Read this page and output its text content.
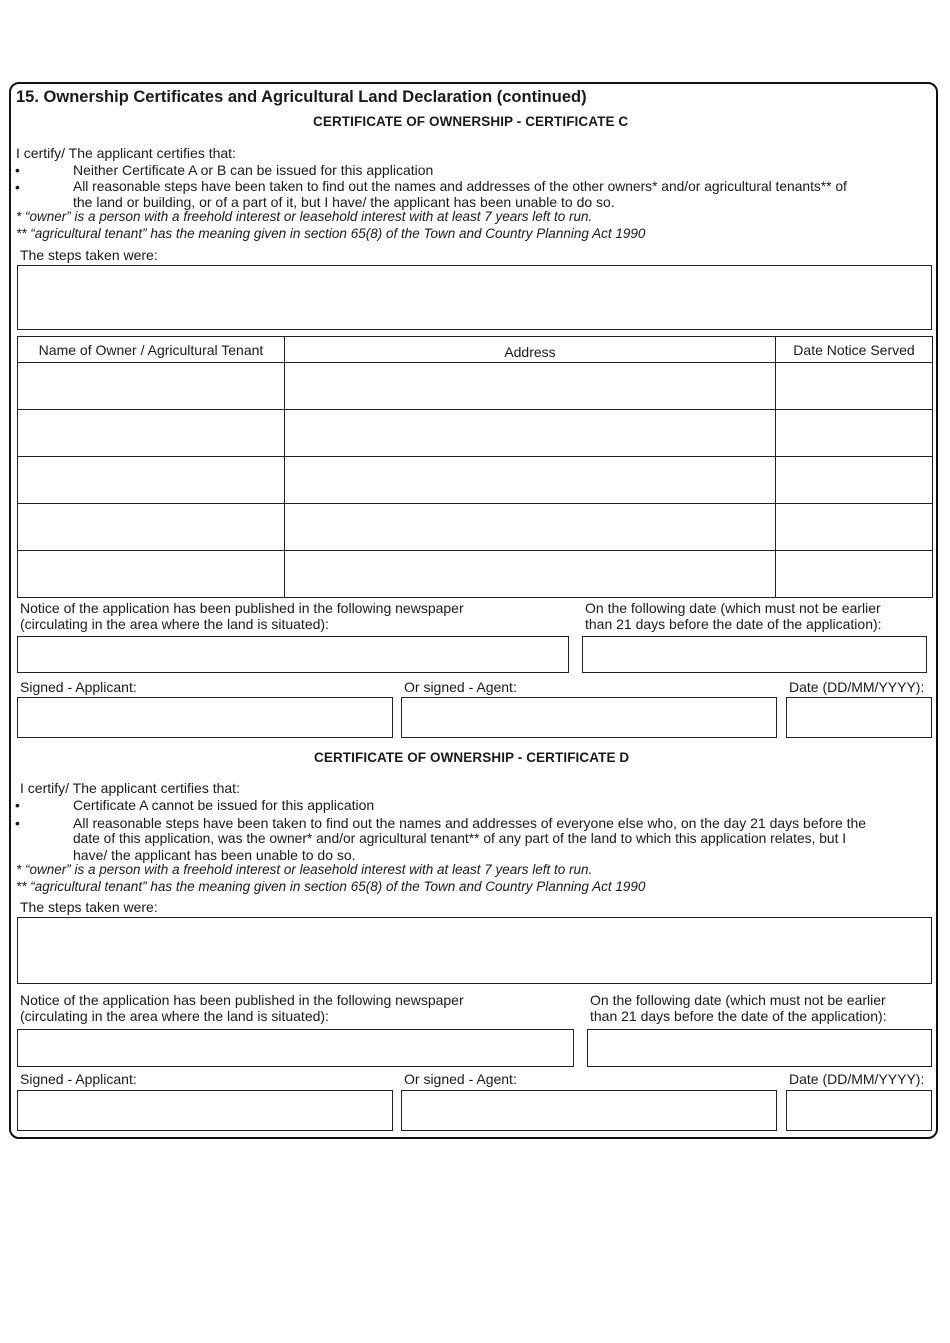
15. Ownership Certificates and Agricultural Land Declaration (continued)
CERTIFICATE OF OWNERSHIP - CERTIFICATE C
I certify/ The applicant certifies that:
•	Neither Certificate A or B can be issued for this application
•	All reasonable steps have been taken to find out the names and addresses of the other owners* and/or agricultural tenants** of
the land or building, or of a part of it, but I have/ the applicant has been unable to do so.
* “owner” is a person with a freehold interest or leasehold interest with at least 7 years left to run.
** “agricultural tenant” has the meaning given in section 65(8) of the Town and Country Planning Act 1990
The steps taken were:
Name of Owner / Agricultural Tenant	Address	Date Notice Served

Notice of the application has been published in the following newspaper
(circulating in the area where the land is situated):
On the following date (which must not be earlier
than 21 days before the date of the application):
Signed - Applicant:	Or signed - Agent:	Date (DD/MM/YYYY):
CERTIFICATE OF OWNERSHIP - CERTIFICATE D
I certify/ The applicant certifies that:
•	Certificate A cannot be issued for this application
•	All reasonable steps have been taken to find out the names and addresses of everyone else who, on the day 21 days before the
date of this application, was the owner* and/or agricultural tenant** of any part of the land to which this application relates, but I
have/ the applicant has been unable to do so.
* “owner” is a person with a freehold interest or leasehold interest with at least 7 years left to run.
** “agricultural tenant” has the meaning given in section 65(8) of the Town and Country Planning Act 1990
The steps taken were:
Notice of the application has been published in the following newspaper
(circulating in the area where the land is situated):
On the following date (which must not be earlier
than 21 days before the date of the application):
Signed - Applicant:	Or signed - Agent:	Date (DD/MM/YYYY):
